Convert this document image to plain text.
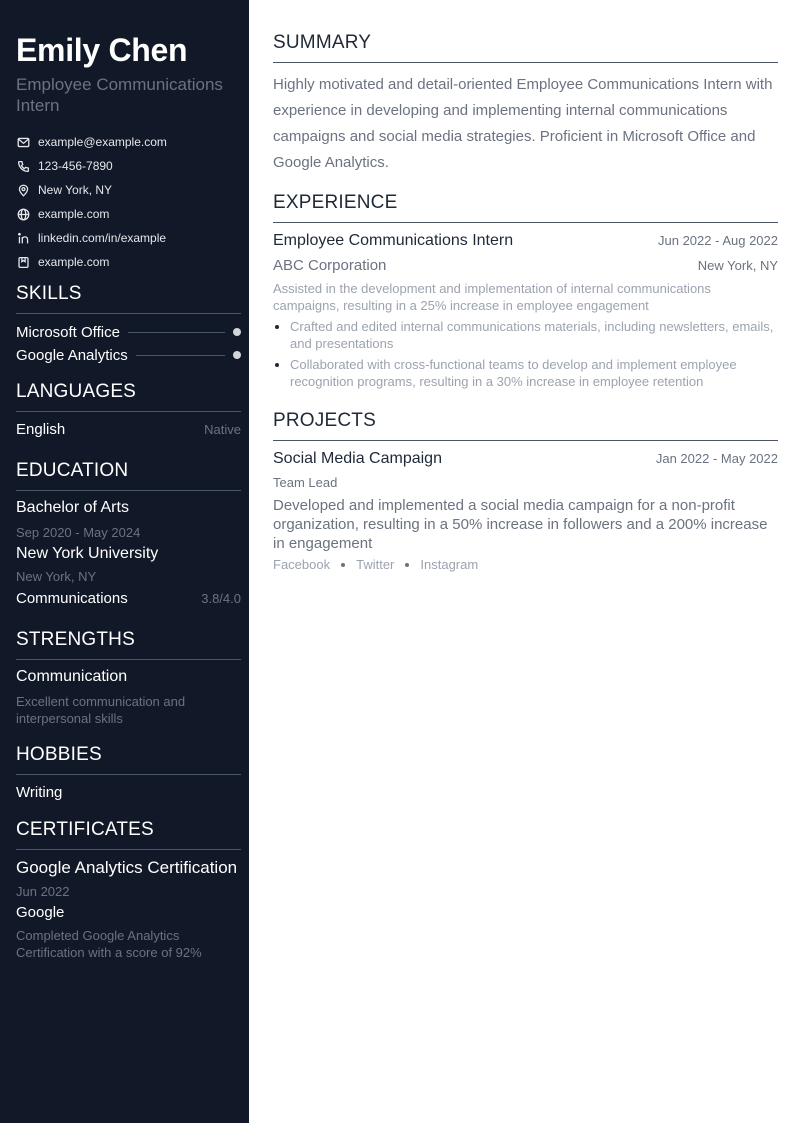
Emily Chen
Employee Communications Intern
example@example.com
123-456-7890
New York, NY
example.com
linkedin.com/in/example
example.com
SKILLS
Microsoft Office
Google Analytics
LANGUAGES
English	Native
EDUCATION
Bachelor of Arts
Sep 2020 - May 2024
New York University
New York, NY
Communications	3.8/4.0
STRENGTHS
Communication
Excellent communication and interpersonal skills
HOBBIES
Writing
CERTIFICATES
Google Analytics Certification
Jun 2022
Google
Completed Google Analytics Certification with a score of 92%
SUMMARY
Highly motivated and detail-oriented Employee Communications Intern with experience in developing and implementing internal communications campaigns and social media strategies. Proficient in Microsoft Office and Google Analytics.
EXPERIENCE
Employee Communications Intern	Jun 2022 - Aug 2022
ABC Corporation	New York, NY
Assisted in the development and implementation of internal communications campaigns, resulting in a 25% increase in employee engagement
Crafted and edited internal communications materials, including newsletters, emails, and presentations
Collaborated with cross-functional teams to develop and implement employee recognition programs, resulting in a 30% increase in employee retention
PROJECTS
Social Media Campaign	Jan 2022 - May 2022
Team Lead
Developed and implemented a social media campaign for a non-profit organization, resulting in a 50% increase in followers and a 200% increase in engagement
Facebook Twitter Instagram
